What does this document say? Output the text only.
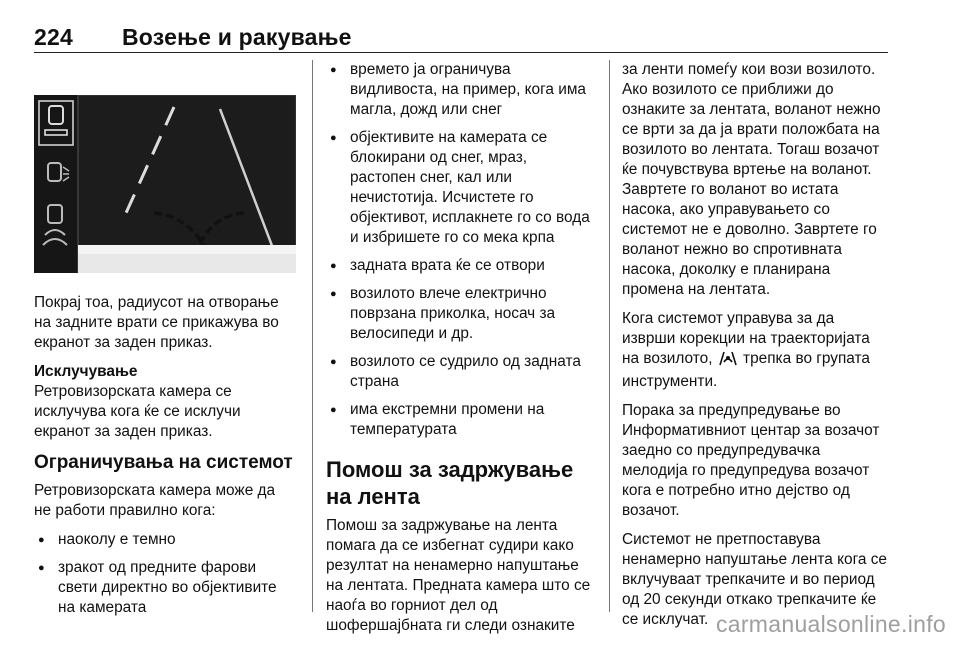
224 Возење и ракување

Покрај тоа, радиусот на отворање на задните врати се прикажува во екранот за заден приказ.

Исклучување
Ретровизорската камера се исклучува кога ќе се исклучи екранот за заден приказ.

Ограничувања на системот

Ретровизорската камера може да не работи правилно кога:

● наоколу е темно
● зракот од предните фарови свети директно во објективите на камерата
● времето ја ограничува видливоста, на пример, кога има магла, дожд или снег
● објективите на камерата се блокирани од снег, мраз, растопен снег, кал или нечистотија. Исчистете го објективот, исплакнете го со вода и избришете го со мека крпа
● задната врата ќе се отвори
● возилото влече електрично поврзана приколка, носач за велосипеди и др.
● возилото се судрило од задната страна
● има екстремни промени на температурата
Помош за задржување на лента

Помош за задржување на лента помага да се избегнат судири како резултат на ненамерно напуштање на лентата. Предната камера што се наоѓа во горниот дел од шофершајбната ги следи ознаките

за ленти помеѓу кои вози возилото. Ако возилото се приближи до ознаките за лентата, воланот нежно се врти за да ја врати положбата на возилото во лентата. Тогаш возачот ќе почувствува вртење на воланот. Завртете го воланот во истата насока, ако управувањето со системот не е доволно. Завртете го воланот нежно во спротивната насока, доколку е планирана промена на лентата.

Кога системот управува за да изврши корекции на траекторијата на возилото, трепка во групата инструменти.

Порака за предупредување во Информативниот центар за возачот заедно со предупредувачка мелодија го предупредува возачот кога е потребно итно дејство од возачот.

Системот не претпоставува ненамерно напуштање лента кога се вклучуваат трепкачите и во период од 20 секунди откако трепкачите ќе се исклучат. carmanualsonline.info
